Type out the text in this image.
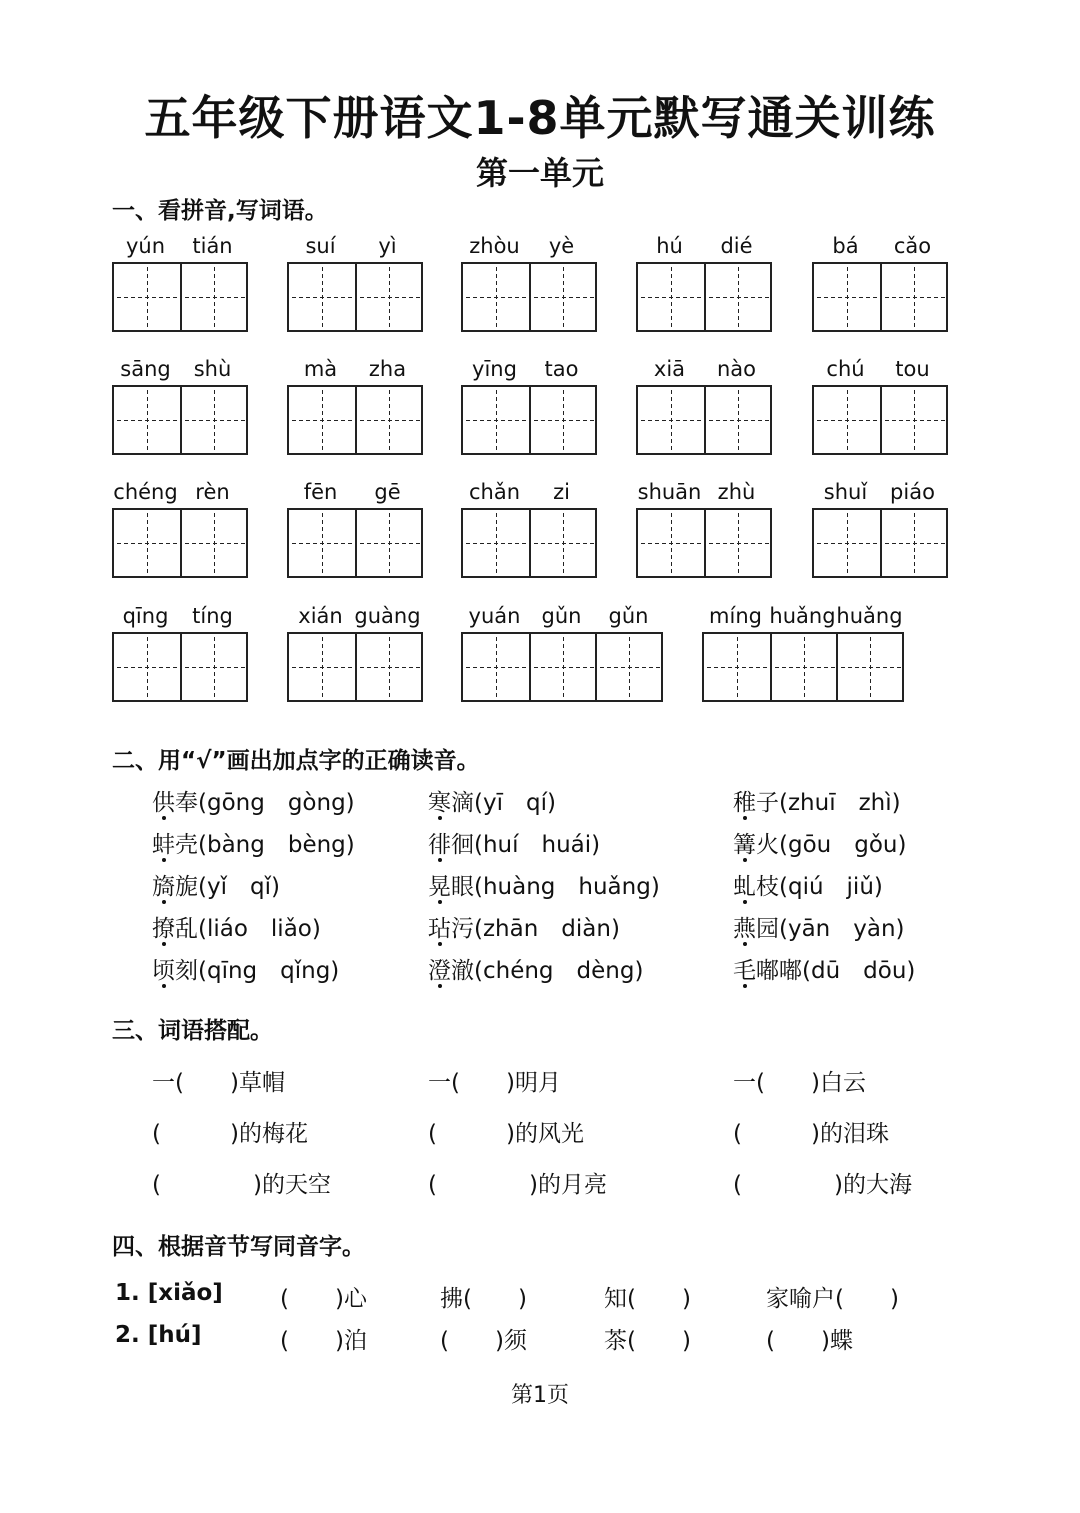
五年级下册语文1-8单元默写通关训练
第一单元
一、看拼音,写词语。
yún	tián	suí	yì	zhòu	yè	hú	dié	bá	cǎo
sāng	shù	mà	zha	yīng	tao	xiā	nào	chú	tou
chéng rèn	fēn	gē	chǎn	zi	shuān zhù	shuǐ	piáo
qīng	tíng	xián guàng	yuán	gǔn	gǔn	míng huǎng huǎng
二、用“√”画出加点字的正确读音。
供奉(gōng　gòng)	寒滴(yī　qí)	稚子(zhuī　zhì)
蚌壳(bàng　bèng)	徘徊(huí　huái)	篝火(gōu　gǒu)
旖旎(yǐ　qǐ)	晃眼(huàng　huǎng)	虬枝(qiú　jiǔ)
撩乱(liáo　liǎo)	玷污(zhān　diàn)	燕园(yān　yàn)
顷刻(qīng　qǐng)	澄澈(chéng　dèng)	毛嘟嘟(dū　dōu)
三、词语搭配。
一(　　)草帽	一(　　)明月	一(　　)白云
(　　　)的梅花	(　　　)的风光	(　　　)的泪珠
(　　　　)的天空	(　　　　)的月亮	(　　　　)的大海
四、根据音节写同音字。
1. [xiǎo] (　　)心	拂(　　)	知(　　)	家喻户(　　)
2. [hú]	(　　)泊	(　　)须	茶(　　)	(　　)蝶
第1页
